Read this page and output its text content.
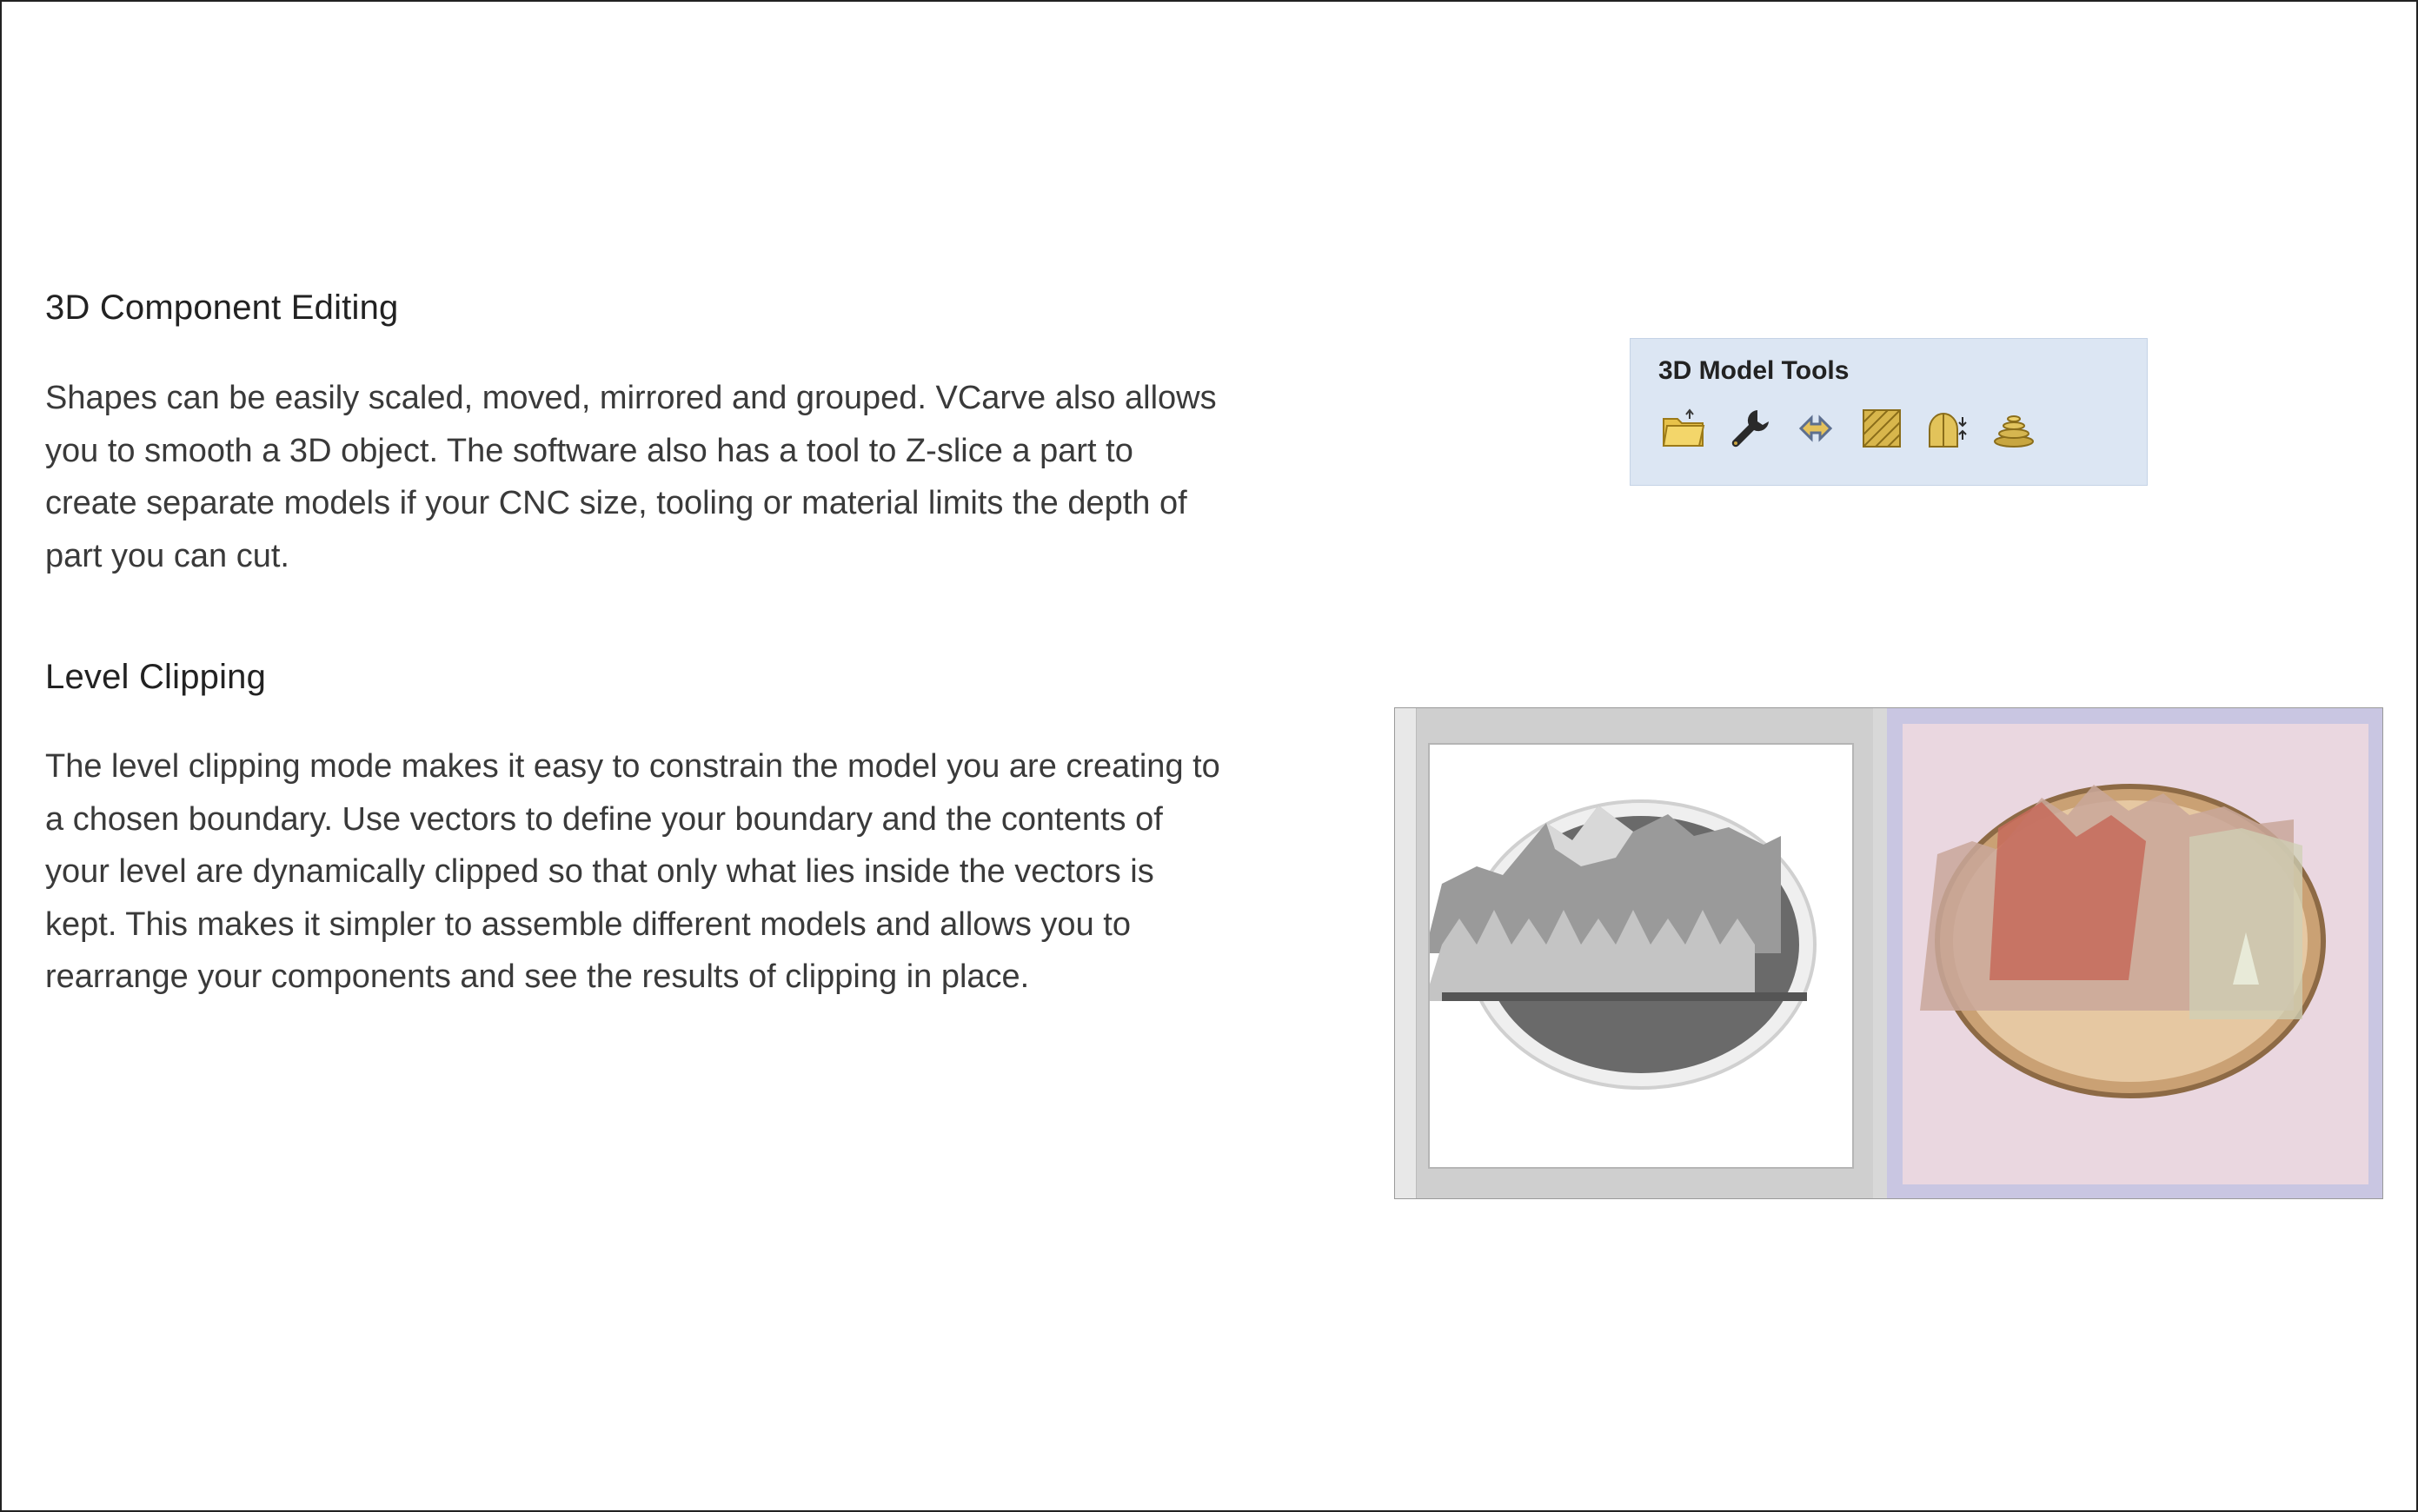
3D Component Editing
Shapes can be easily scaled, moved, mirrored and grouped. VCarve also allows you to smooth a 3D object. The software also has a tool to Z-slice a part to create separate models if your CNC size, tooling or material limits the depth of part you can cut.
Level Clipping
The level clipping mode makes it easy to constrain the model you are creating to a chosen boundary. Use vectors to define your boundary and the contents of your level are dynamically clipped so that only what lies inside the vectors is kept. This makes it simpler to assemble different models and allows you to rearrange your components and see the results of clipping in place.
3D Model Tools
